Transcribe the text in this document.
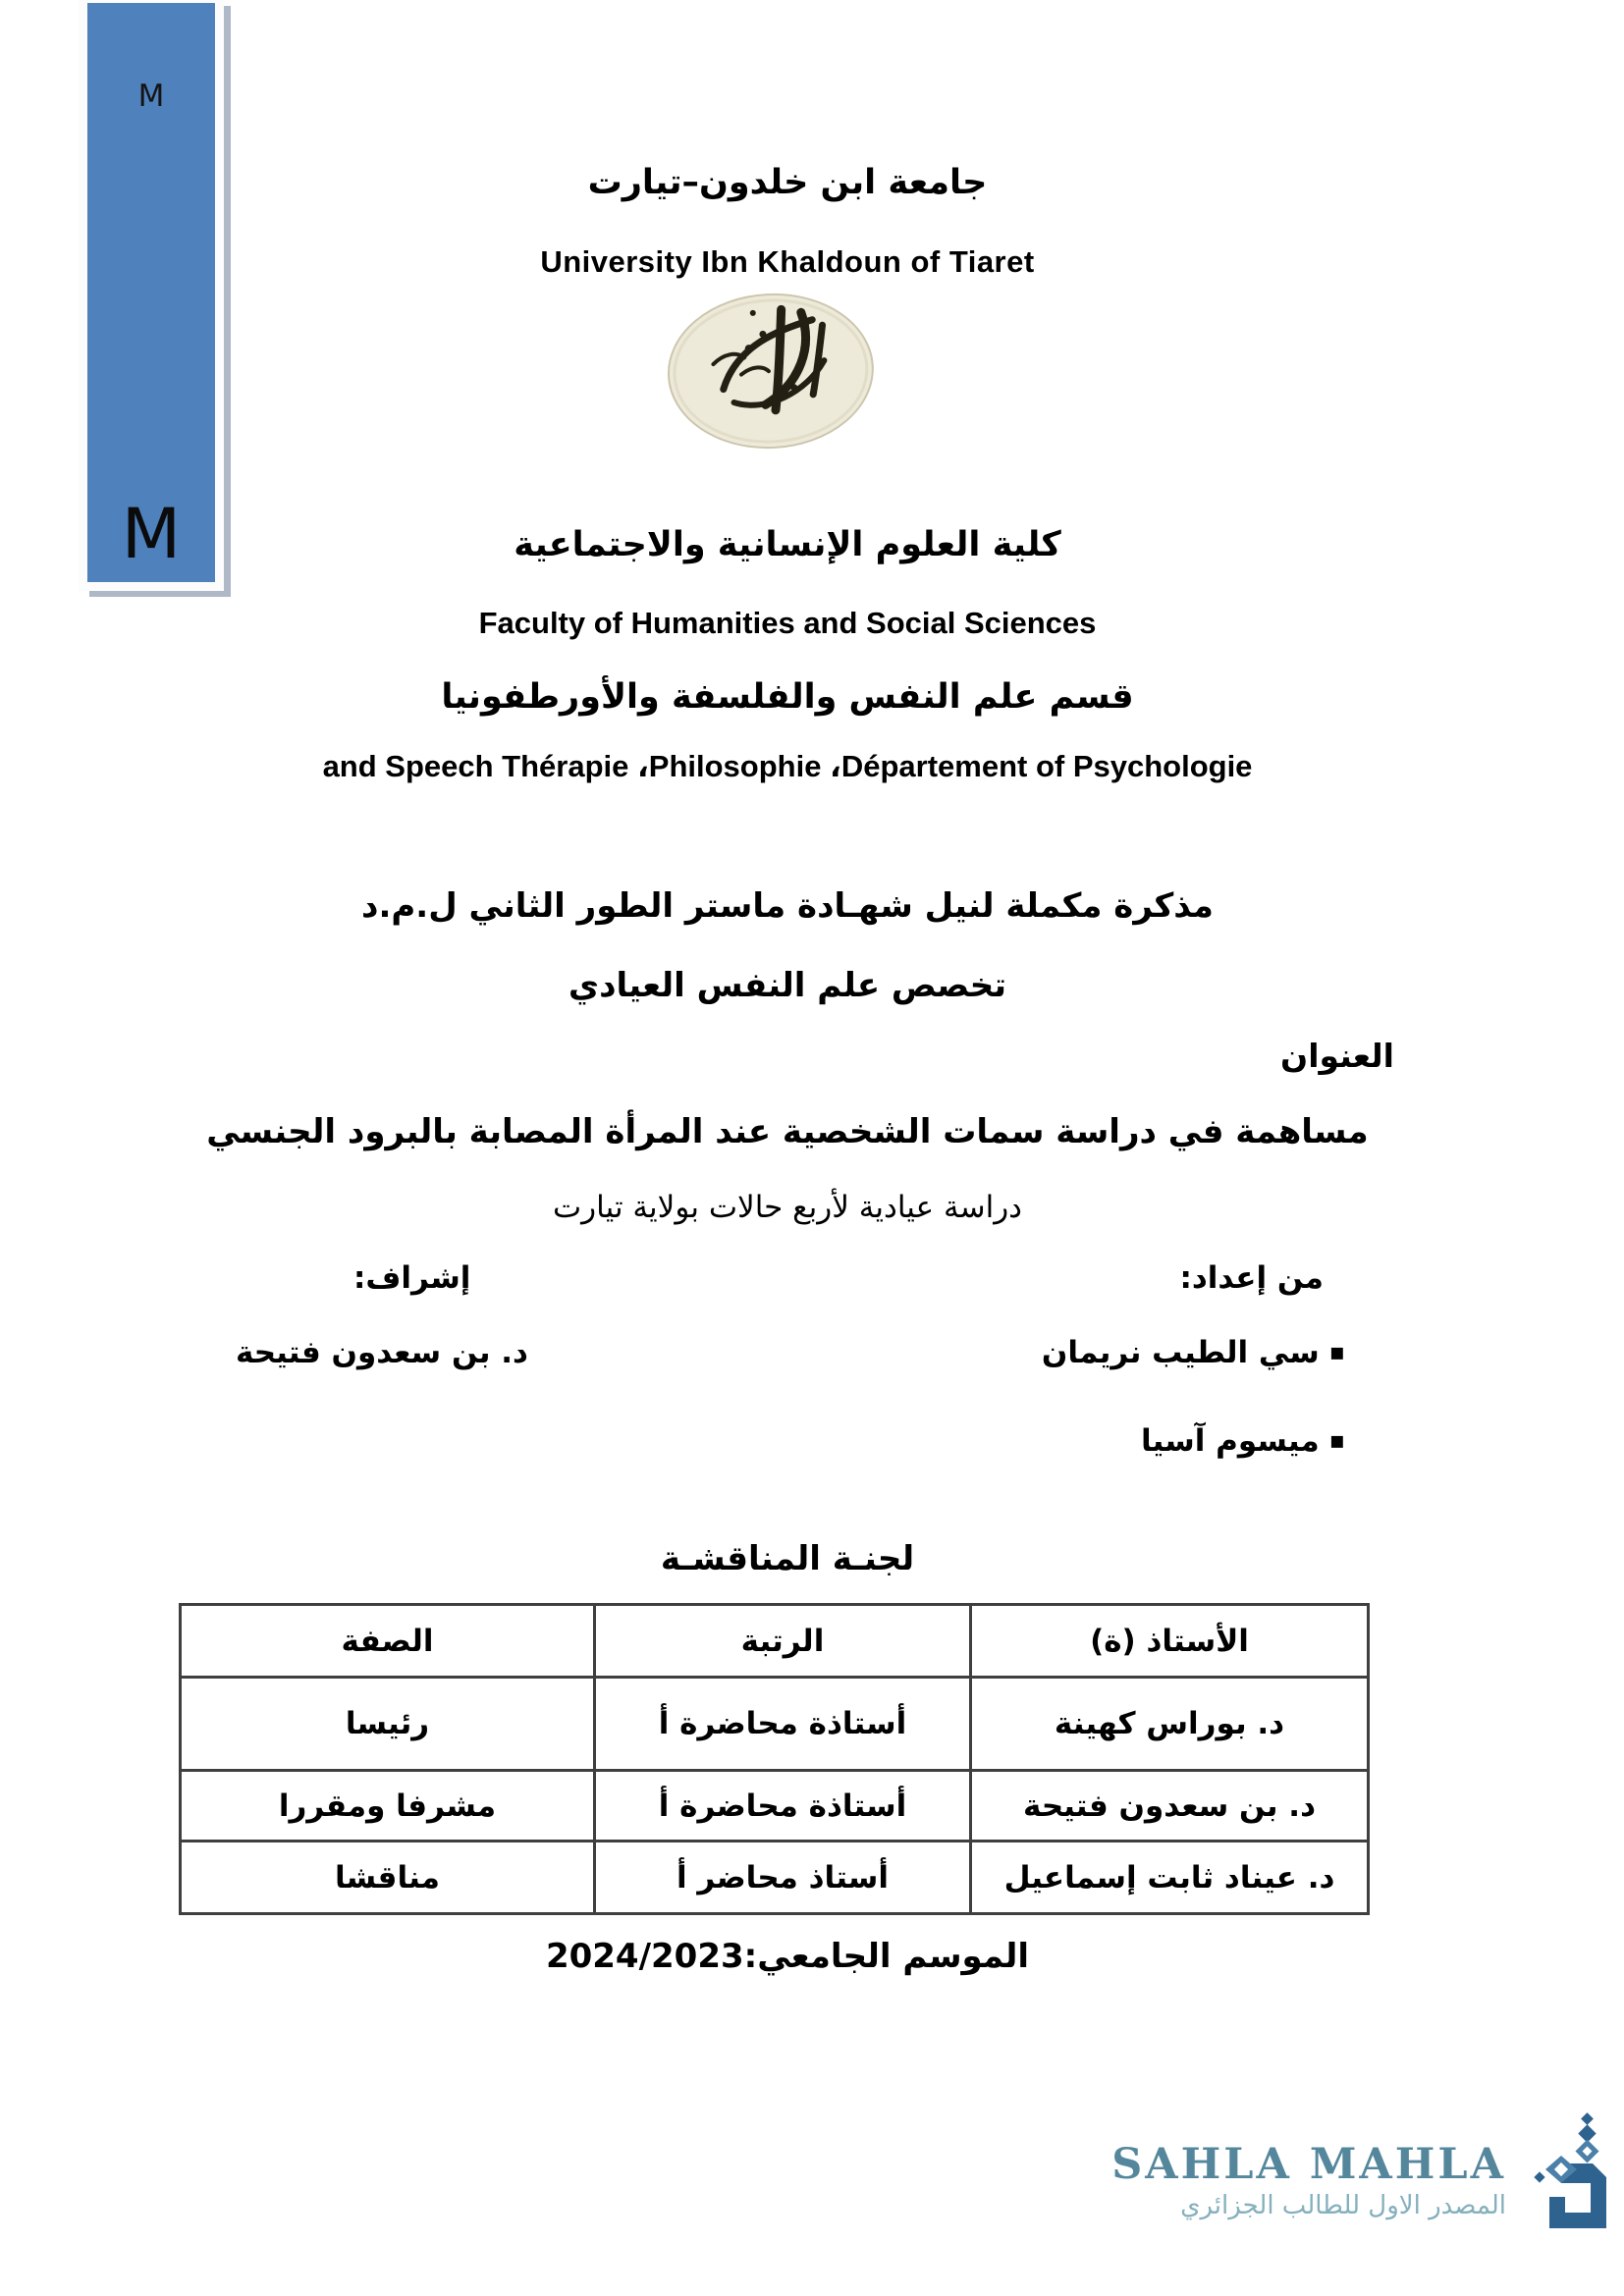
M
M
جامعة ابن خلدون–تيارت
University Ibn Khaldoun of Tiaret
كلية العلوم الإنسانية والاجتماعية
Faculty of Humanities and Social Sciences
قسم علم النفس والفلسفة والأورطفونيا
and Speech Thérapie ،Philosophie ،Département of Psychologie
مذكرة مكملة لنيل شهـادة ماستر الطور الثاني ل.م.د
تخصص علم النفس العيادي
العنوان
مساهمة في دراسة سمات الشخصية عند المرأة المصابة بالبرود الجنسي
دراسة عيادية لأربع حالات بولاية تيارت
من إعداد:
إشراف:
▪سي الطيب نريمان
▪ميسوم آسيا
د. بن سعدون فتيحة
لجنـة المناقشـة
الأستاذ (ة)	الرتبة	الصفة
د. بوراس كهينة	أستاذة محاضرة أ	رئيسا
د. بن سعدون فتيحة	أستاذة محاضرة أ	مشرفا ومقررا
د. عيناد ثابت إسماعيل	أستاذ محاضر أ	مناقشا
الموسم الجامعي:2024/2023
SAHLA MAHLA
المصدر الاول للطالب الجزائري
